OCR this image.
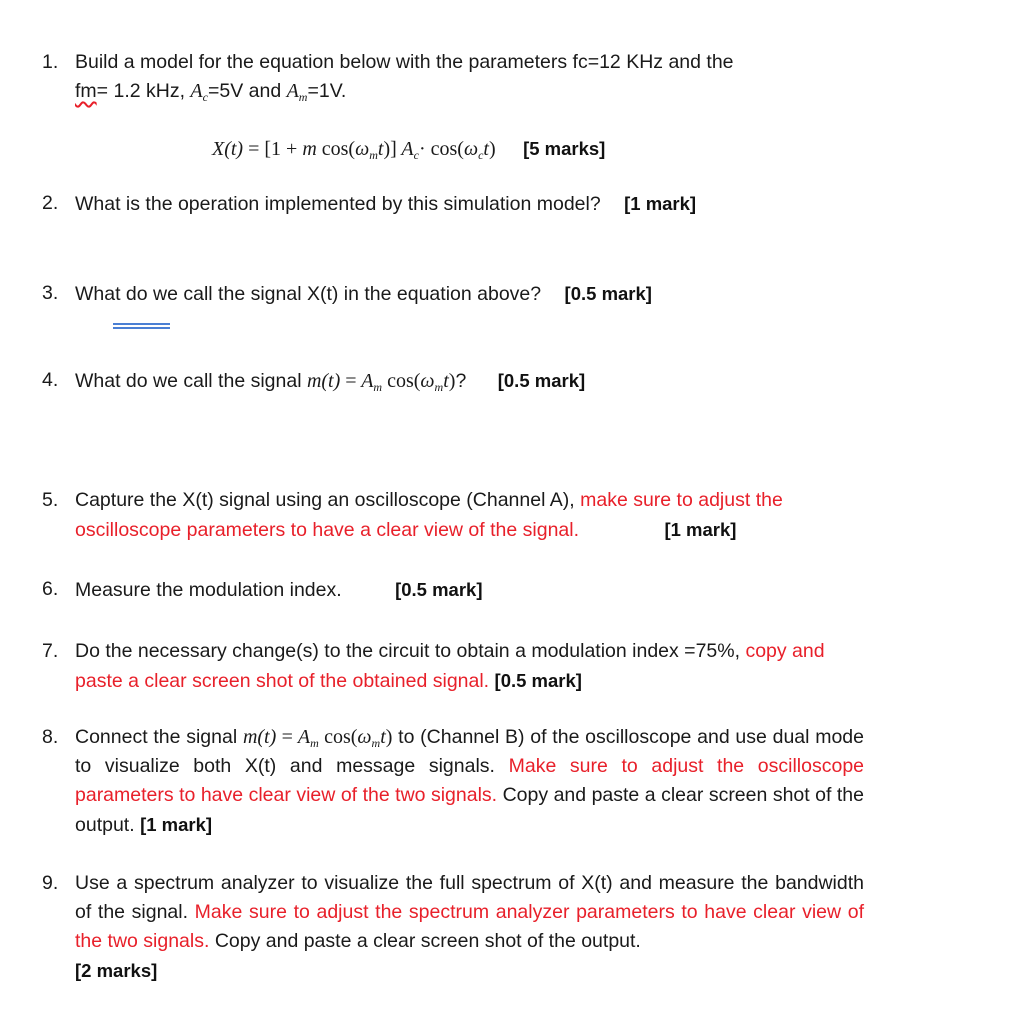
1. Build a model for the equation below with the parameters fc=12 KHz and the
fm= 1.2 kHz, $A_c=5V$ and $A_m=1V$.
X(t) = [1 + m $\cos(\omega_mt)$] $A_c\cdot \cos(\omega_ct)$ [5 marks]
2. What is the operation implemented by this simulation model? [1 mark]
3. What do we call the signal X(t) in the equation above? [0.5 mark]
4. What do we call the signal $m(t) = A_m$ $\cos(\omega_mt)$? [0.5 mark]
5. Capture the X(t) signal using an oscilloscope (Channel A), make sure to adjust the
oscilloscope parameters to have a clear view of the signal.	[1 mark]
6. Measure the modulation index.	[0.5 mark]
7. Do the necessary change(s) to the circuit to obtain a modulation index =75%, copy and paste a clear screen shot of the obtained signal. [0.5 mark]
8. Connect the signal $m(t) = A_m$ $\cos(\omega_mt)$ to (Channel B) of the oscilloscope and use dual mode to visualize both X(t) and message signals. Make sure to adjust the oscilloscope parameters to have clear view of the two signals. Copy and paste a clear screen shot of the output. [1 mark]
9. Use a spectrum analyzer to visualize the full spectrum of X(t) and measure the bandwidth of the signal. Make sure to adjust the spectrum analyzer parameters to have clear view of the two signals. Copy and paste a clear screen shot of the output.
[2 marks]
